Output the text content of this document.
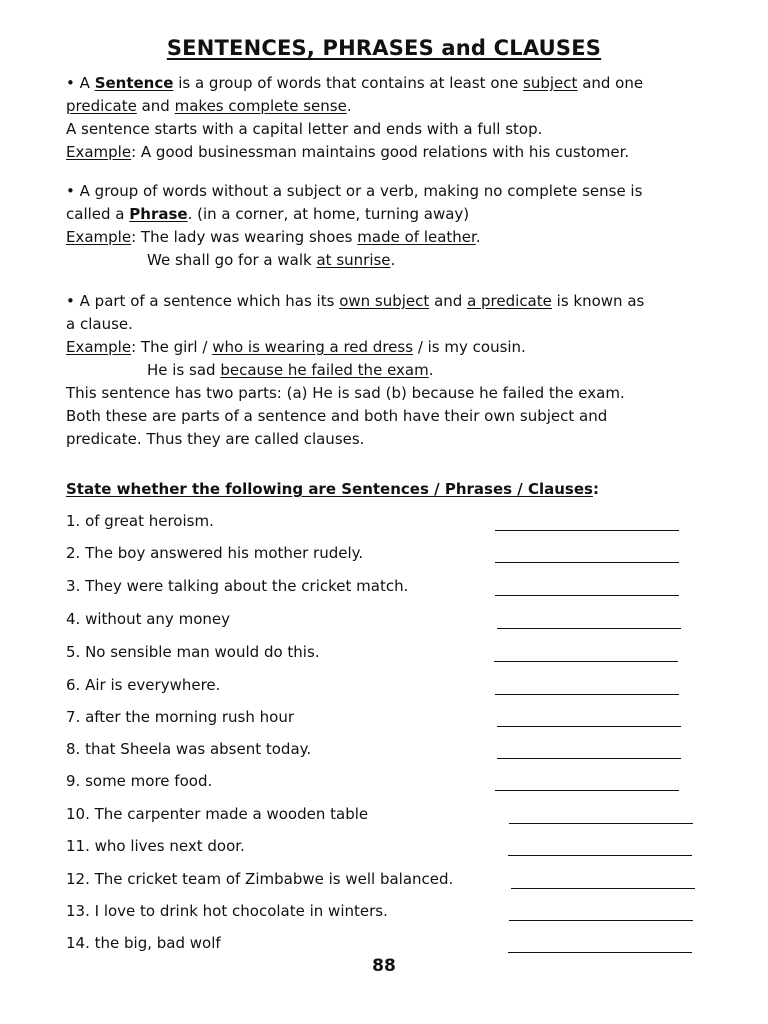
SENTENCES, PHRASES and CLAUSES
• A Sentence is a group of words that contains at least one subject and one
predicate and makes complete sense.
A sentence starts with a capital letter and ends with a full stop.
Example: A good businessman maintains good relations with his customer.
• A group of words without a subject or a verb, making no complete sense is
called a Phrase. (in a corner, at home, turning away)
Example: The lady was wearing shoes made of leather.
We shall go for a walk at sunrise.
• A part of a sentence which has its own subject and a predicate is known as
a clause.
Example: The girl / who is wearing a red dress / is my cousin.
He is sad because he failed the exam.
This sentence has two parts: (a) He is sad (b) because he failed the exam.
Both these are parts of a sentence and both have their own subject and
predicate. Thus they are called clauses.
State whether the following are Sentences / Phrases / Clauses:
1. of great heroism.
2. The boy answered his mother rudely.
3. They were talking about the cricket match.
4. without any money
5. No sensible man would do this.
6. Air is everywhere.
7. after the morning rush hour
8. that Sheela was absent today.
9. some more food.
10. The carpenter made a wooden table
11. who lives next door.
12. The cricket team of Zimbabwe is well balanced.
13. I love to drink hot chocolate in winters.
14. the big, bad wolf
88
